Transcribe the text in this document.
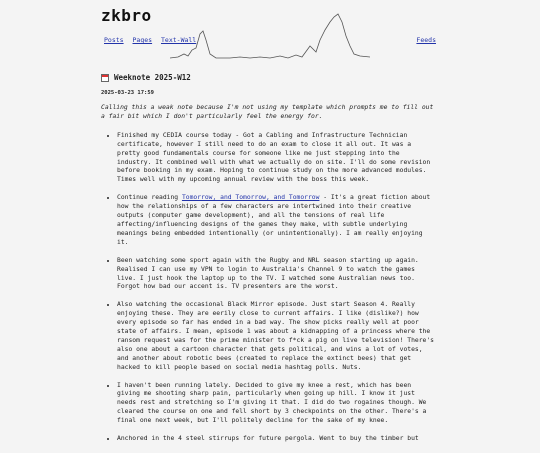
zkbro
Posts Pages Text-Wall	Feeds
Weeknote 2025-W12
2025-03-23 17:59

Calling this a weak note because I'm not using my template which prompts me to fill out a fair bit which I don't particularly feel the energy for.

• Finished my CEDIA course today - Got a Cabling and Infrastructure Technician certificate, however I still need to do an exam to close it all out. It was a pretty good fundamentals course for someone like me just stepping into the industry. It combined well with what we actually do on site. I'll do some revision before booking in my exam. Hoping to continue study on the more advanced modules. Times well with my upcoming annual review with the boss this week.
• Continue reading Tomorrow, and Tomorrow, and Tomorrow - It's a great fiction about how the relationships of a few characters are intertwined into their creative outputs (computer game development), and all the tensions of real life affecting/influencing designs of the games they make, with subtle underlying meanings being embedded intentionally (or unintentionally). I am really enjoying it.
• Been watching some sport again with the Rugby and NRL season starting up again. Realised I can use my VPN to login to Australia's Channel 9 to watch the games live. I just hook the laptop up to the TV. I watched some Australian news too. Forgot how bad our accent is. TV presenters are the worst.
• Also watching the occasional Black Mirror episode. Just start Season 4. Really enjoying these. They are eerily close to current affairs. I like (dislike?) how every episode so far has ended in a bad way. The show picks really well at poor state of affairs. I mean, episode 1 was about a kidnapping of a princess where the ransom request was for the prime minister to f*ck a pig on live television! There's also one about a cartoon character that gets political, and wins a lot of votes, and another about robotic bees (created to replace the extinct bees) that get hacked to kill people based on social media hashtag polls. Nuts.
• I haven't been running lately. Decided to give my knee a rest, which has been giving me shooting sharp pain, particularly when going up hill. I know it just needs rest and stretching so I'm giving it that. I did do two rogaines though. We cleared the course on one and fell short by 3 checkpoints on the other. There's a final one next week, but I'll politely decline for the sake of my knee.
• Anchored in the 4 steel stirrups for future pergola. Went to buy the timber but
